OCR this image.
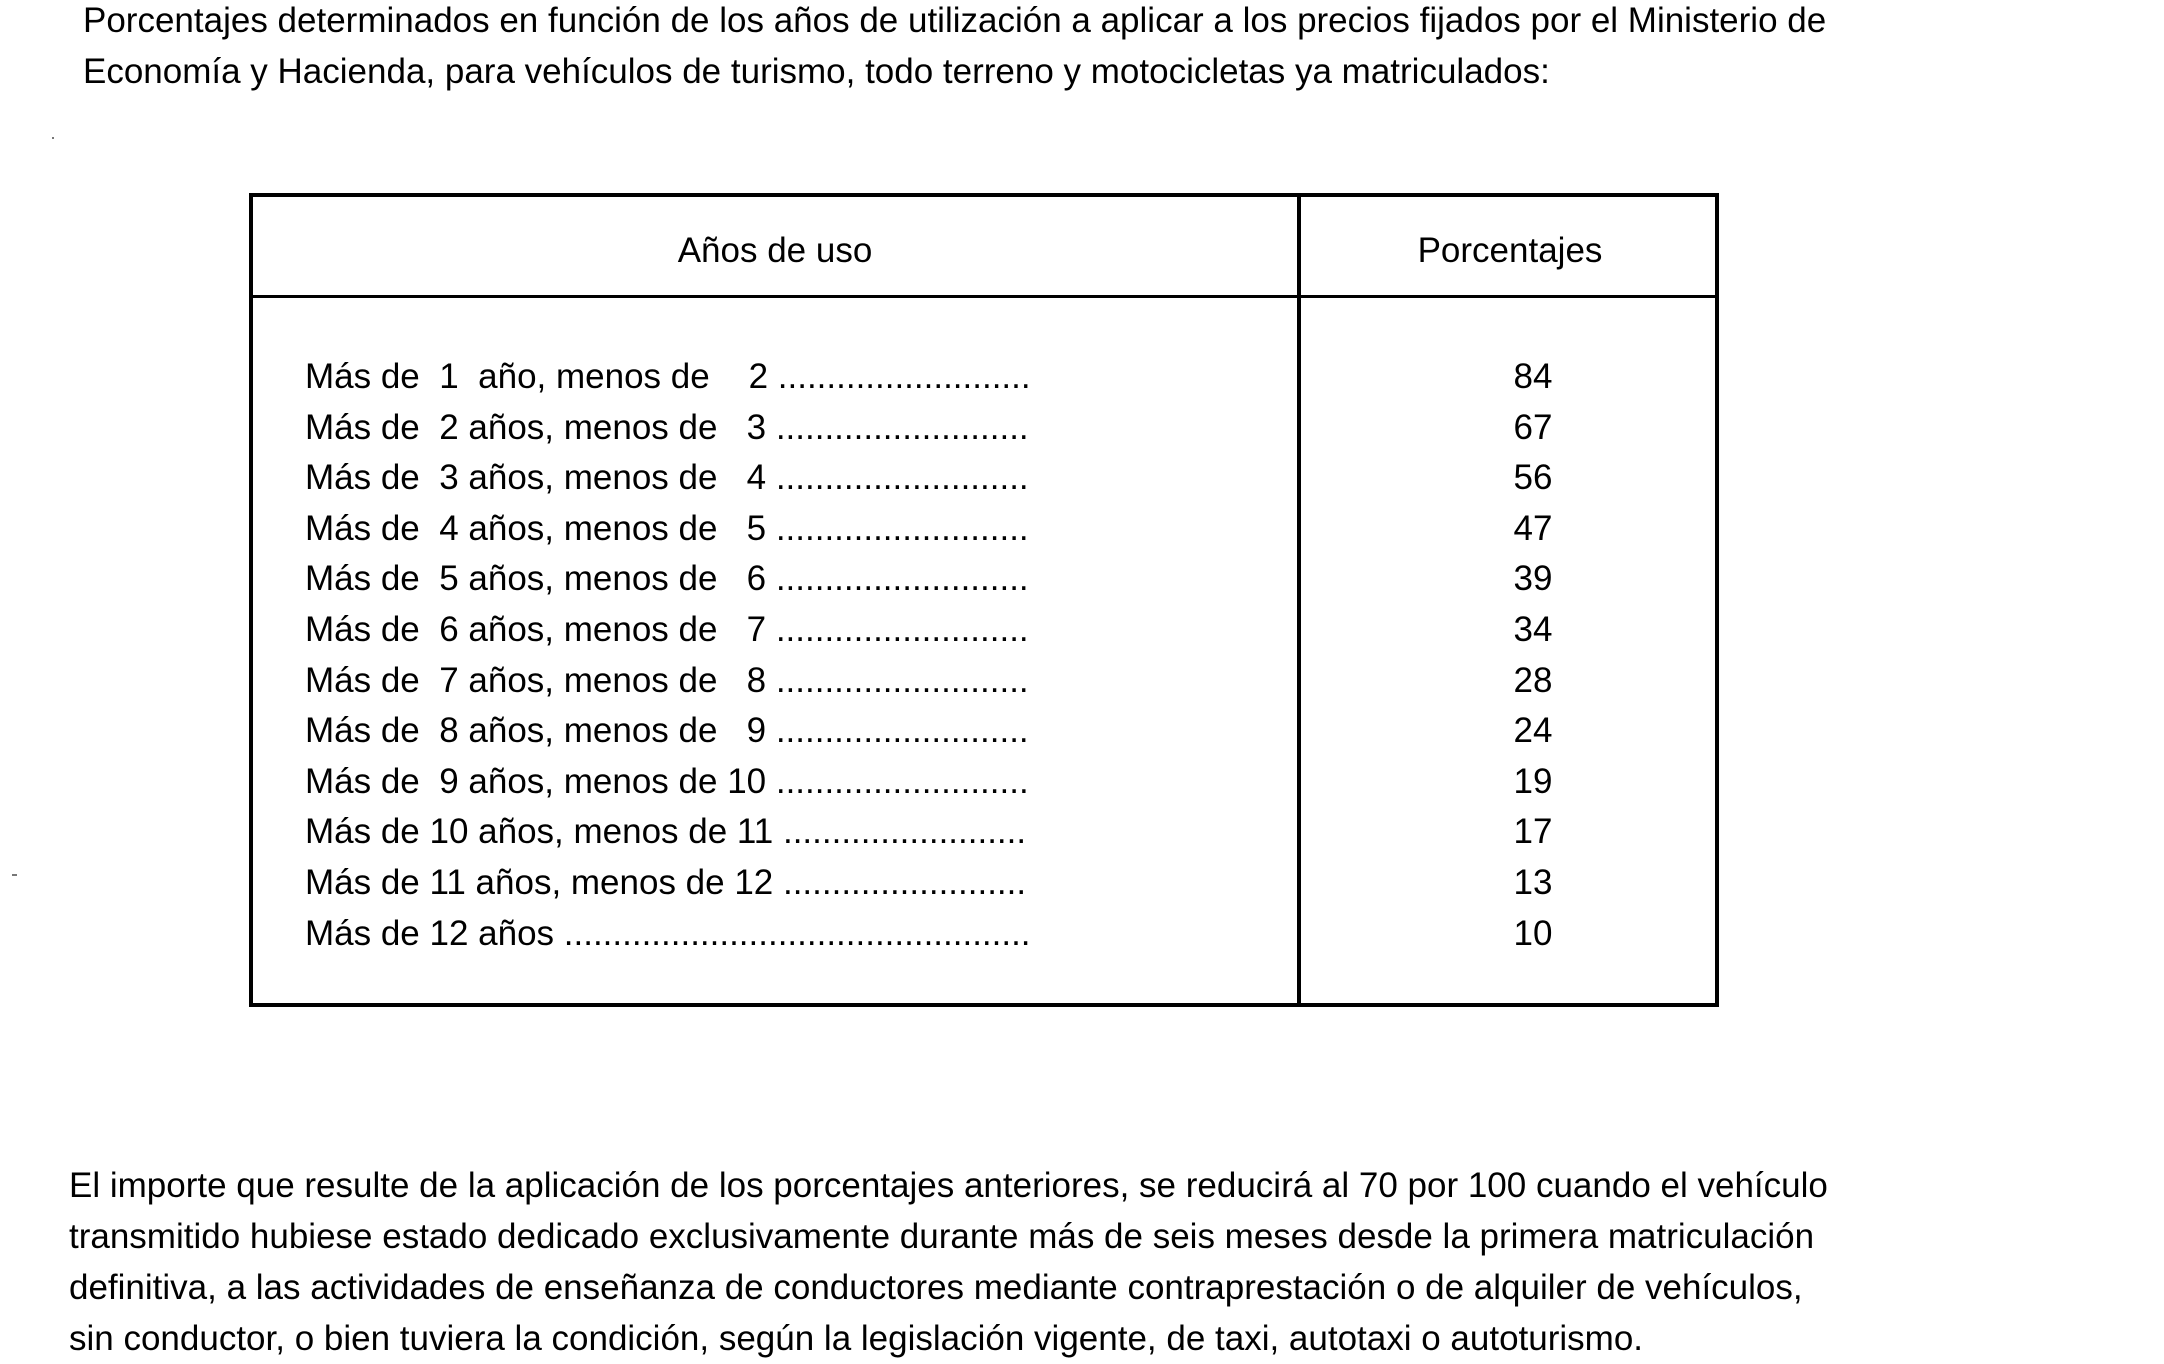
Porcentajes determinados en función de los años de utilización a aplicar a los precios fijados por el Ministerio de
Economía y Hacienda, para vehículos de turismo, todo terreno y motocicletas ya matriculados:
Años de uso	Porcentajes
Más de  1  año, menos de    2 ..........................	84
Más de  2 años, menos de   3 ..........................	67
Más de  3 años, menos de   4 ..........................	56
Más de  4 años, menos de   5 ..........................	47
Más de  5 años, menos de   6 ..........................	39
Más de  6 años, menos de   7 ..........................	34
Más de  7 años, menos de   8 ..........................	28
Más de  8 años, menos de   9 ..........................	24
Más de  9 años, menos de 10 ..........................	19
Más de 10 años, menos de 11 .........................	17
Más de 11 años, menos de 12 .........................	13
Más de 12 años ................................................	10
El importe que resulte de la aplicación de los porcentajes anteriores, se reducirá al 70 por 100 cuando el vehículo
transmitido hubiese estado dedicado exclusivamente durante más de seis meses desde la primera matriculación
definitiva, a las actividades de enseñanza de conductores mediante contraprestación o de alquiler de vehículos,
sin conductor, o bien tuviera la condición, según la legislación vigente, de taxi, autotaxi o autoturismo.
